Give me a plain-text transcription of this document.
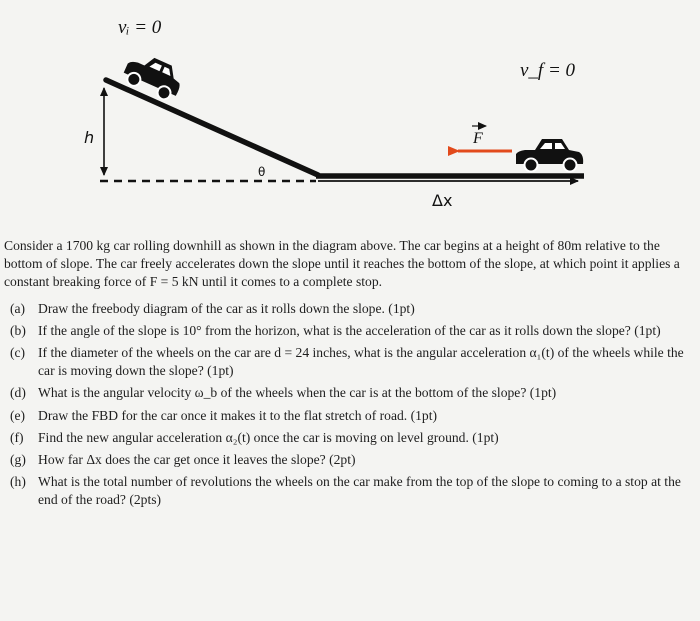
vᵢ = 0
h
θ
Δx
v_f = 0
F

Consider a 1700 kg car rolling downhill as shown in the diagram above. The car begins at a height of 80m relative to the bottom of slope. The car freely accelerates down the slope until it reaches the bottom of the slope, at which point it applies a constant breaking force of F = 5 kN until it comes to a complete stop.

(a) Draw the freebody diagram of the car as it rolls down the slope. (1pt)
(b) If the angle of the slope is 10° from the horizon, what is the acceleration of the car as it rolls down the slope? (1pt)
(c) If the diameter of the wheels on the car are d = 24 inches, what is the angular acceleration α₁(t) of the wheels while the car is moving down the slope? (1pt)
(d) What is the angular velocity ω_b of the wheels when the car is at the bottom of the slope? (1pt)
(e) Draw the FBD for the car once it makes it to the flat stretch of road. (1pt)
(f) Find the new angular acceleration α₂(t) once the car is moving on level ground. (1pt)
(g) How far Δx does the car get once it leaves the slope? (2pt)
(h) What is the total number of revolutions the wheels on the car make from the top of the slope to coming to a stop at the end of the road? (2pts)
